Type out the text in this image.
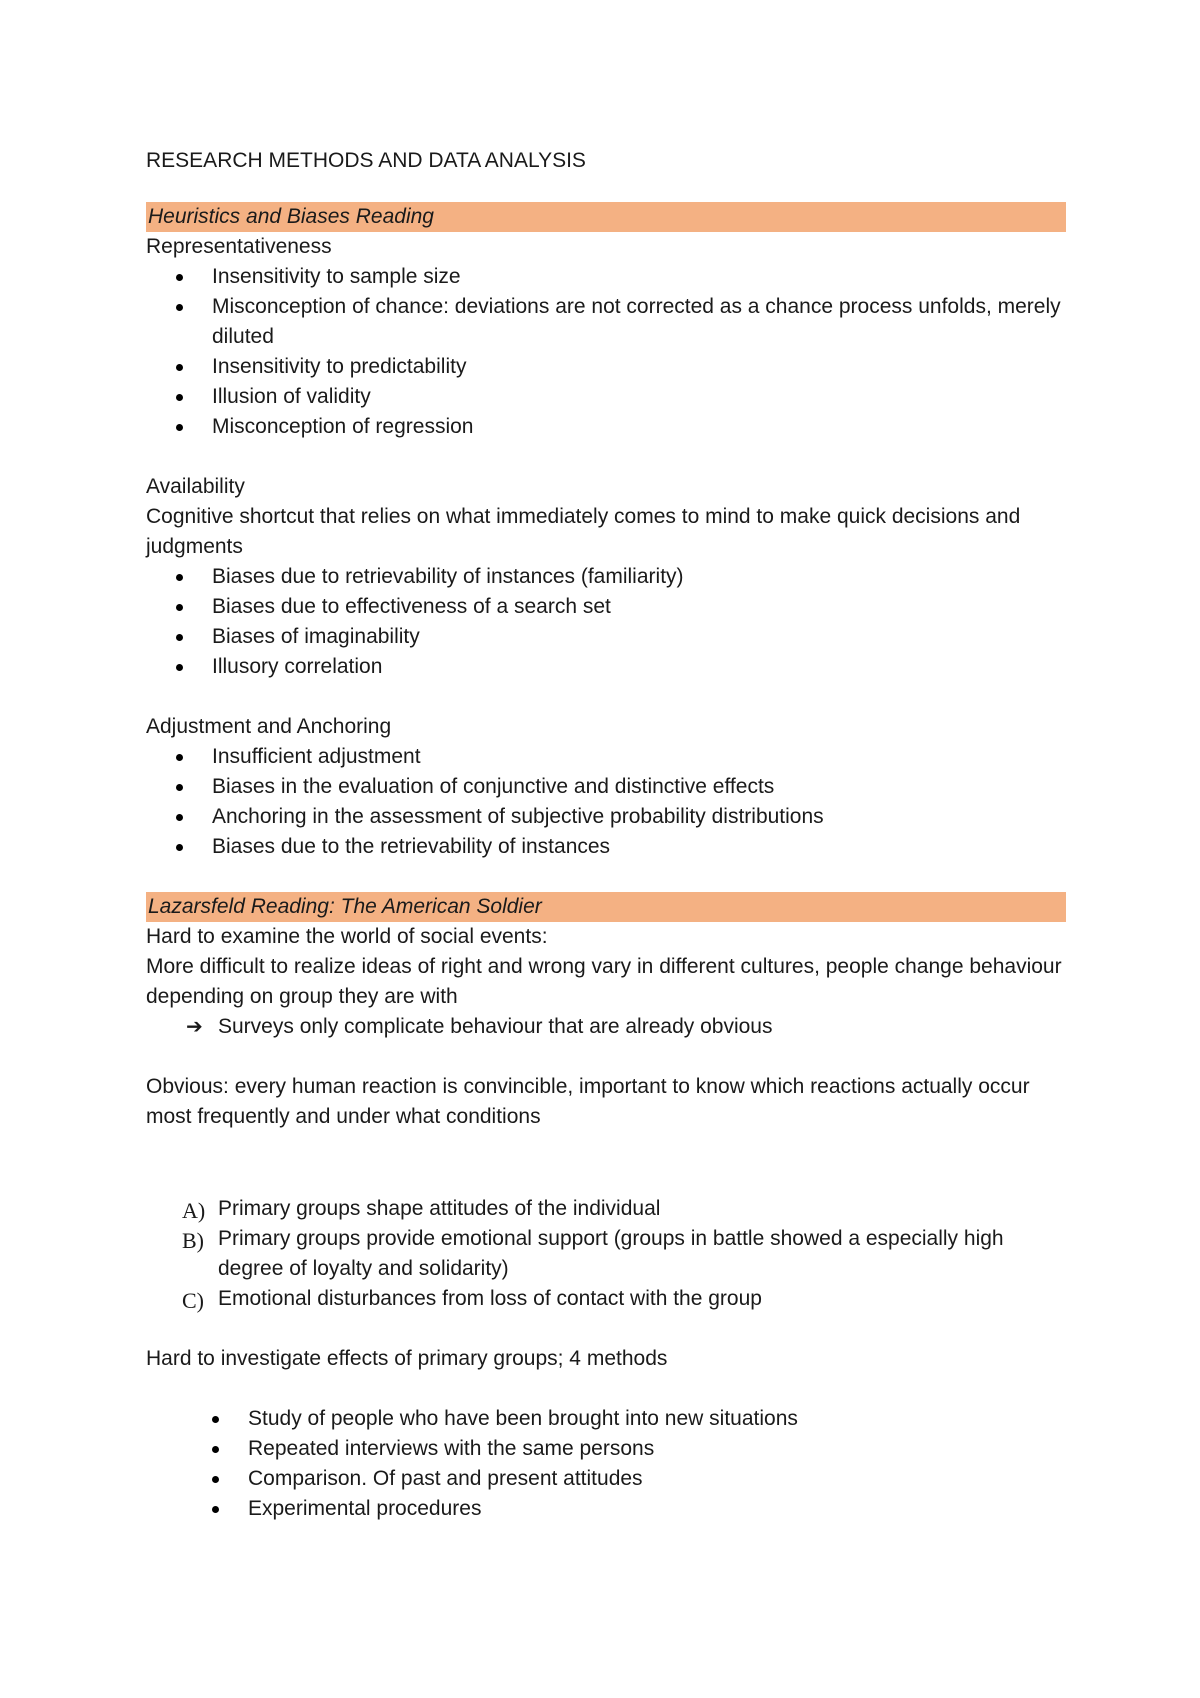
RESEARCH METHODS AND DATA ANALYSIS

Heuristics and Biases Reading

Representativeness

Insensitivity to sample size
Misconception of chance: deviations are not corrected as a chance process unfolds, merely diluted
Insensitivity to predictability
Illusion of validity
Misconception of regression

Availability

Cognitive shortcut that relies on what immediately comes to mind to make quick decisions and judgments

Biases due to retrievability of instances (familiarity)
Biases due to effectiveness of a search set
Biases of imaginability
Illusory correlation

Adjustment and Anchoring

Insufficient adjustment
Biases in the evaluation of conjunctive and distinctive effects
Anchoring in the assessment of subjective probability distributions
Biases due to the retrievability of instances
Lazarsfeld Reading: The American Soldier

Hard to examine the world of social events:

More difficult to realize ideas of right and wrong vary in different cultures, people change behaviour depending on group they are with

➔ Surveys only complicate behaviour that are already obvious

Obvious: every human reaction is convincible, important to know which reactions actually occur most frequently and under what conditions

A) Primary groups shape attitudes of the individual
B) Primary groups provide emotional support (groups in battle showed a especially high degree of loyalty and solidarity)
C) Emotional disturbances from loss of contact with the group

Hard to investigate effects of primary groups; 4 methods

Study of people who have been brought into new situations
Repeated interviews with the same persons
Comparison. Of past and present attitudes
Experimental procedures
